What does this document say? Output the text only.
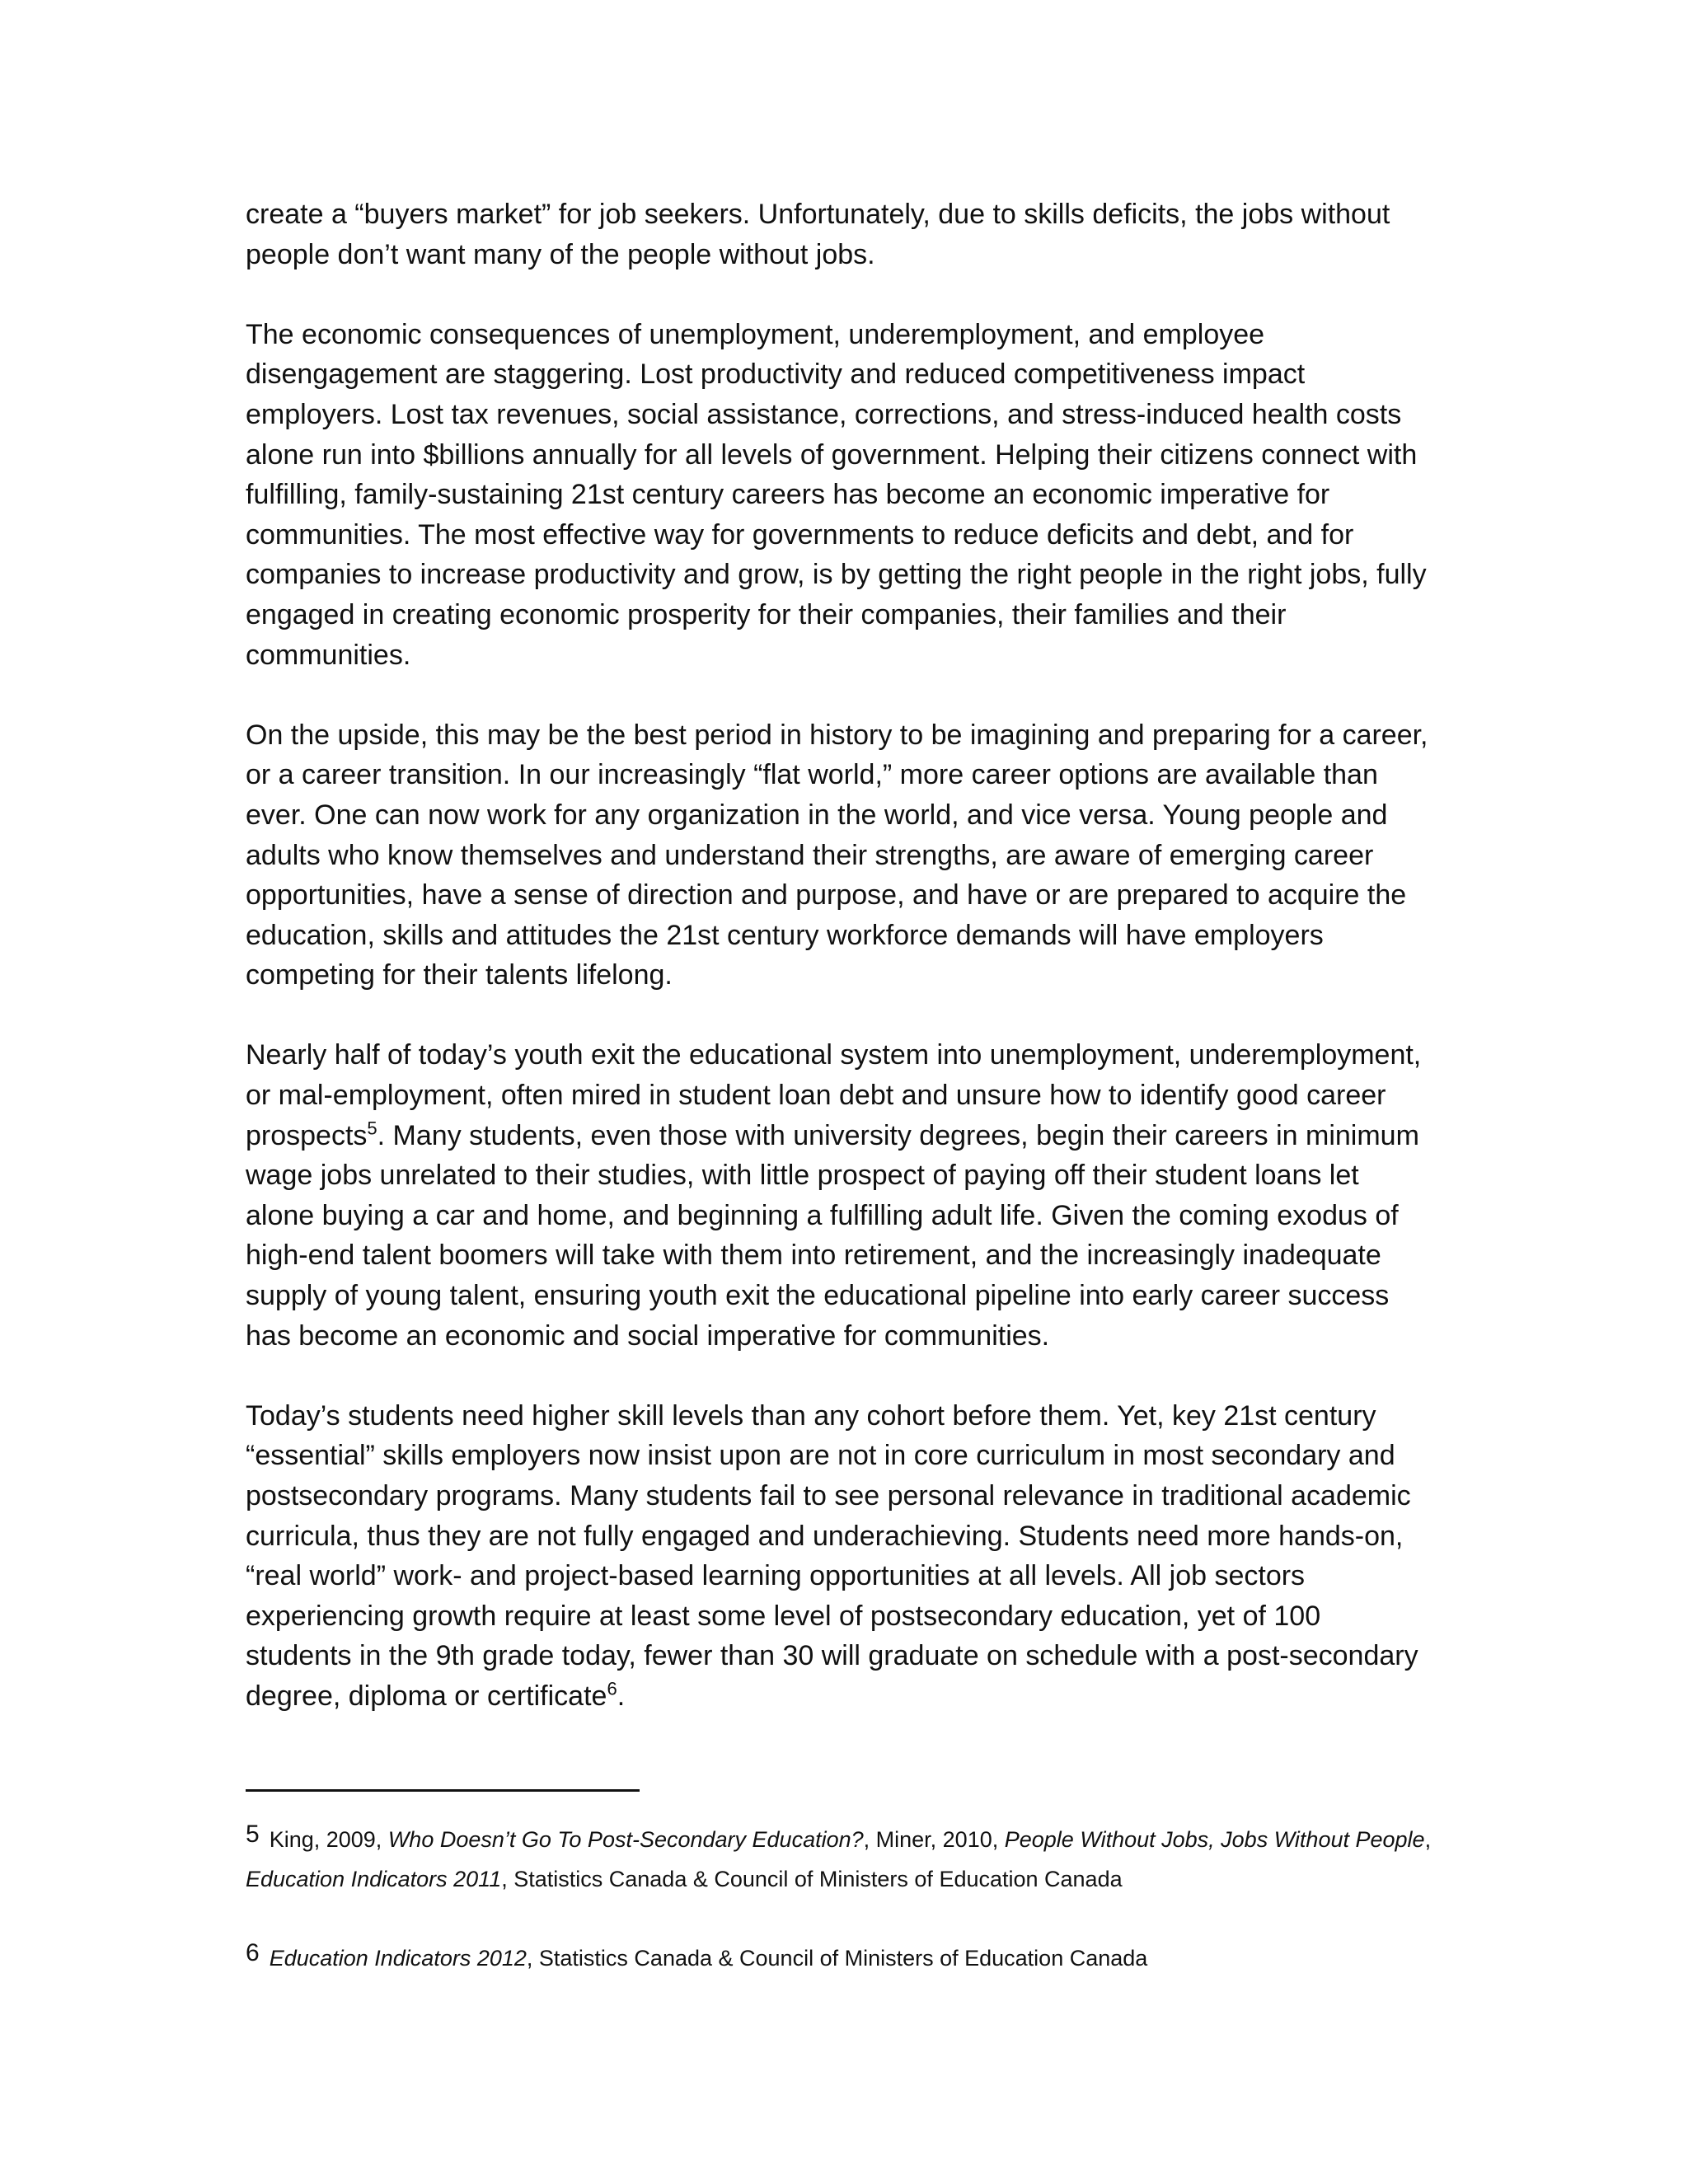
create a “buyers market” for job seekers. Unfortunately, due to skills deficits, the jobs without people don’t want many of the people without jobs.

The economic consequences of unemployment, underemployment, and employee disengagement are staggering. Lost productivity and reduced competitiveness impact employers. Lost tax revenues, social assistance, corrections, and stress-induced health costs alone run into $billions annually for all levels of government. Helping their citizens connect with fulfilling, family-sustaining 21st century careers has become an economic imperative for communities. The most effective way for governments to reduce deficits and debt, and for companies to increase productivity and grow, is by getting the right people in the right jobs, fully engaged in creating economic prosperity for their companies, their families and their communities.

On the upside, this may be the best period in history to be imagining and preparing for a career, or a career transition. In our increasingly “flat world,” more career options are available than ever. One can now work for any organization in the world, and vice versa. Young people and adults who know themselves and understand their strengths, are aware of emerging career opportunities, have a sense of direction and purpose, and have or are prepared to acquire the education, skills and attitudes the 21st century workforce demands will have employers competing for their talents lifelong.

Nearly half of today’s youth exit the educational system into unemployment, underemployment, or mal-employment, often mired in student loan debt and unsure how to identify good career prospects$^5$. Many students, even those with university degrees, begin their careers in minimum wage jobs unrelated to their studies, with little prospect of paying off their student loans let alone buying a car and home, and beginning a fulfilling adult life. Given the coming exodus of high-end talent boomers will take with them into retirement, and the increasingly inadequate supply of young talent, ensuring youth exit the educational pipeline into early career success has become an economic and social imperative for communities.

Today’s students need higher skill levels than any cohort before them. Yet, key 21st century “essential” skills employers now insist upon are not in core curriculum in most secondary and postsecondary programs. Many students fail to see personal relevance in traditional academic curricula, thus they are not fully engaged and underachieving. Students need more hands-on, “real world” work- and project-based learning opportunities at all levels. All job sectors experiencing growth require at least some level of postsecondary education, yet of 100 students in the 9th grade today, fewer than 30 will graduate on schedule with a post-secondary degree, diploma or certificate$^6$.

5 King, 2009, Who Doesn’t Go To Post-Secondary Education?, Miner, 2010, People Without Jobs, Jobs Without People, Education Indicators 2011, Statistics Canada & Council of Ministers of Education Canada

6 Education Indicators 2012, Statistics Canada & Council of Ministers of Education Canada
